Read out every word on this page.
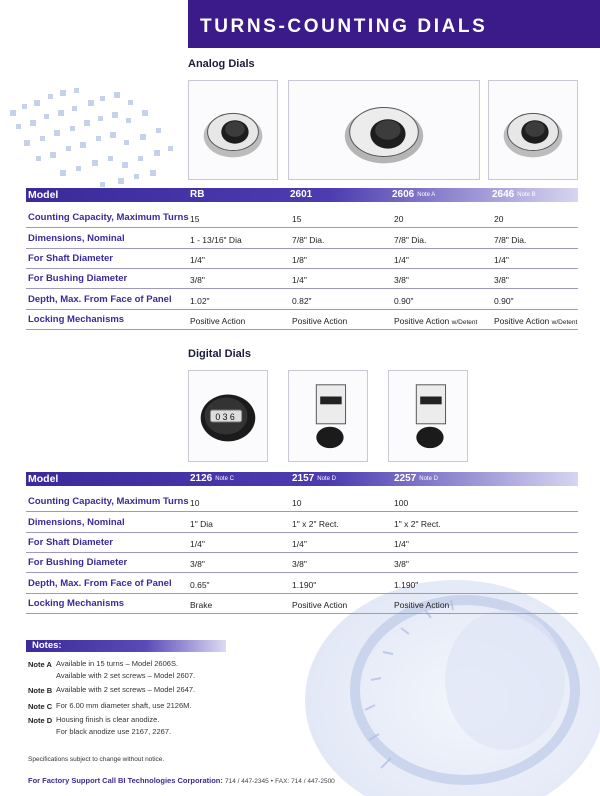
TURNS-COUNTING DIALS
Analog Dials
Model	RB	2601	2606 $^{Note A}$	2646 $^{Note B}$
Counting Capacity, Maximum Turns 15	15	20	20
Dimensions, Nominal	1 - 13/16" Dia	7/8" Dia.	7/8" Dia.	7/8" Dia.
For Shaft Diameter	1/4"	1/8"	1/4"	1/4"
For Bushing Diameter	3/8"	1/4"	3/8"	3/8"
Depth, Max. From Face of Panel 1.02"	0.82"	0.90"	0.90"
Locking Mechanisms	Positive Action	Positive Action	Positive Action w/Detent Positive Action w/Detent
Digital Dials
0 3 6
Model	2126 $^{Note C}$	2157 $^{Note D}$	2257 $^{Note D}$
Counting Capacity, Maximum Turns 10	10	100
Dimensions, Nominal	1" Dia	1" x 2" Rect.	1" x 2" Rect.
For Shaft Diameter	1/4"	1/4"	1/4"
For Bushing Diameter	3/8"	3/8"	3/8"
Depth, Max. From Face of Panel 0.65"	1.190"	1.190"
Locking Mechanisms	Brake	Positive Action	Positive Action
Notes:
Note A Available in 15 turns – Model 2606S.
Available with 2 set screws – Model 2607.
Note B Available with 2 set screws – Model 2647.
Note C For 6.00 mm diameter shaft, use 2126M.
Note D Housing finish is clear anodize.
For black anodize use 2167, 2267.
Specifications subject to change without notice.
For Factory Support Call BI Technologies Corporation: 714 / 447-2345 • FAX: 714 / 447-2500
